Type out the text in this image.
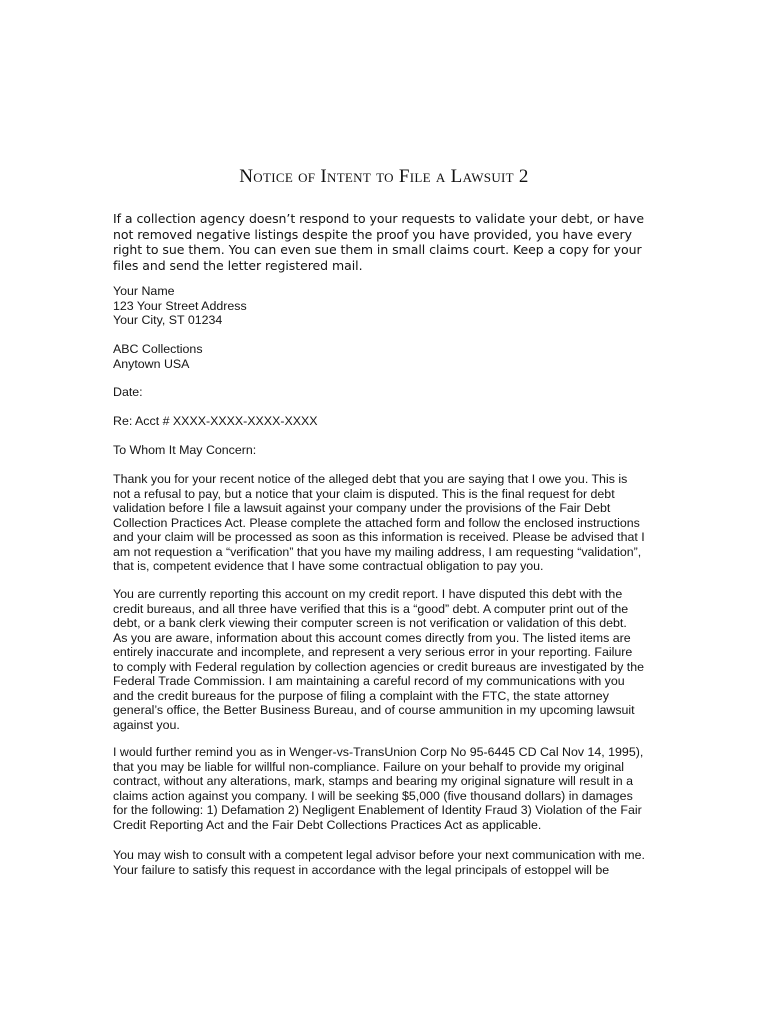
Notice of Intent to File a Lawsuit 2
If a collection agency doesn’t respond to your requests to validate your debt, or have not removed negative listings despite the proof you have provided, you have every right to sue them. You can even sue them in small claims court. Keep a copy for your files and send the letter registered mail.
Your Name
123 Your Street Address
Your City, ST 01234
ABC Collections
Anytown USA
Date:
Re: Acct # XXXX-XXXX-XXXX-XXXX
To Whom It May Concern:
Thank you for your recent notice of the alleged debt that you are saying that I owe you. This is
not a refusal to pay, but a notice that your claim is disputed. This is the final request for debt
validation before I file a lawsuit against your company under the provisions of the Fair Debt
Collection Practices Act. Please complete the attached form and follow the enclosed instructions
and your claim will be processed as soon as this information is received. Please be advised that I
am not requestion a “verification” that you have my mailing address, I am requesting “validation”,
that is, competent evidence that I have some contractual obligation to pay you.
You are currently reporting this account on my credit report. I have disputed this debt with the
credit bureaus, and all three have verified that this is a “good” debt. A computer print out of the
debt, or a bank clerk viewing their computer screen is not verification or validation of this debt.
As you are aware, information about this account comes directly from you. The listed items are
entirely inaccurate and incomplete, and represent a very serious error in your reporting. Failure
to comply with Federal regulation by collection agencies or credit bureaus are investigated by the
Federal Trade Commission. I am maintaining a careful record of my communications with you
and the credit bureaus for the purpose of filing a complaint with the FTC, the state attorney
general’s office, the Better Business Bureau, and of course ammunition in my upcoming lawsuit
against you.
I would further remind you as in Wenger-vs-TransUnion Corp No 95-6445 CD Cal Nov 14, 1995),
that you may be liable for willful non-compliance. Failure on your behalf to provide my original
contract, without any alterations, mark, stamps and bearing my original signature will result in a
claims action against you company. I will be seeking $5,000 (five thousand dollars) in damages
for the following: 1) Defamation 2) Negligent Enablement of Identity Fraud 3) Violation of the Fair
Credit Reporting Act and the Fair Debt Collections Practices Act as applicable.
You may wish to consult with a competent legal advisor before your next communication with me.
Your failure to satisfy this request in accordance with the legal principals of estoppel will be
